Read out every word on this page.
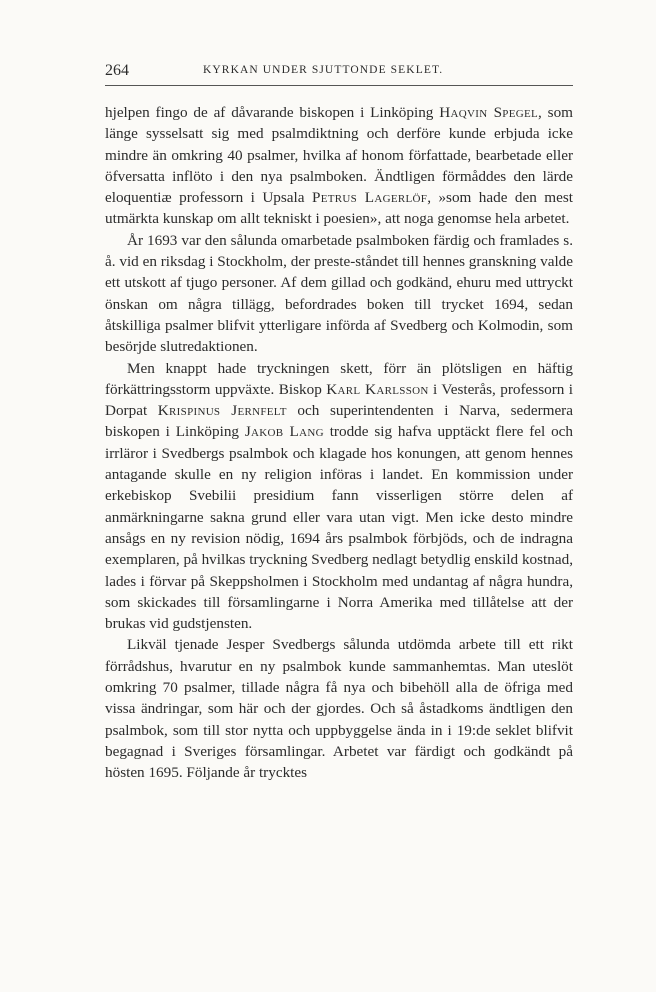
264	KYRKAN UNDER SJUTTONDE SEKLET.

hjelpen fingo de af dåvarande biskopen i Linköping Haqvin Spegel, som länge sysselsatt sig med psalmdiktning och derföre kunde erbjuda icke mindre än omkring 40 psalmer, hvilka af honom författade, bearbetade eller öfversatta inflöto i den nya psalmboken. Ändtligen förmåddes den lärde eloquentiæ professorn i Upsala Petrus Lagerlöf, »som hade den mest utmärkta kunskap om allt tekniskt i poesien», att noga genomse hela arbetet.

År 1693 var den sålunda omarbetade psalmboken färdig och framlades s. å. vid en riksdag i Stockholm, der preste-ståndet till hennes granskning valde ett utskott af tjugo personer. Af dem gillad och godkänd, ehuru med uttryckt önskan om några tillägg, befordrades boken till trycket 1694, sedan åtskilliga psalmer blifvit ytterligare införda af Svedberg och Kolmodin, som besörjde slutredaktionen.

Men knappt hade tryckningen skett, förr än plötsligen en häftig förkättringsstorm uppväxte. Biskop Karl Karlsson i Vesterås, professorn i Dorpat Krispinus Jernfelt och superintendenten i Narva, sedermera biskopen i Linköping Jakob Lang trodde sig hafva upptäckt flere fel och irrläror i Svedbergs psalmbok och klagade hos konungen, att genom hennes antagande skulle en ny religion införas i landet. En kommission under erkebiskop Svebilii presidium fann visserligen större delen af anmärkningarne sakna grund eller vara utan vigt. Men icke desto mindre ansågs en ny revision nödig, 1694 års psalmbok förbjöds, och de indragna exemplaren, på hvilkas tryckning Svedberg nedlagt betydlig enskild kostnad, lades i förvar på Skeppsholmen i Stockholm med undantag af några hundra, som skickades till församlingarne i Norra Amerika med tillåtelse att der brukas vid gudstjensten.

Likväl tjenade Jesper Svedbergs sålunda utdömda arbete till ett rikt förrådshus, hvarutur en ny psalmbok kunde sammanhemtas. Man uteslöt omkring 70 psalmer, tillade några få nya och bibehöll alla de öfriga med vissa ändringar, som här och der gjordes. Och så åstadkoms ändtligen den psalmbok, som till stor nytta och uppbyggelse ända in i 19:de seklet blifvit begagnad i Sveriges församlingar. Arbetet var färdigt och godkändt på hösten 1695. Följande år trycktes
